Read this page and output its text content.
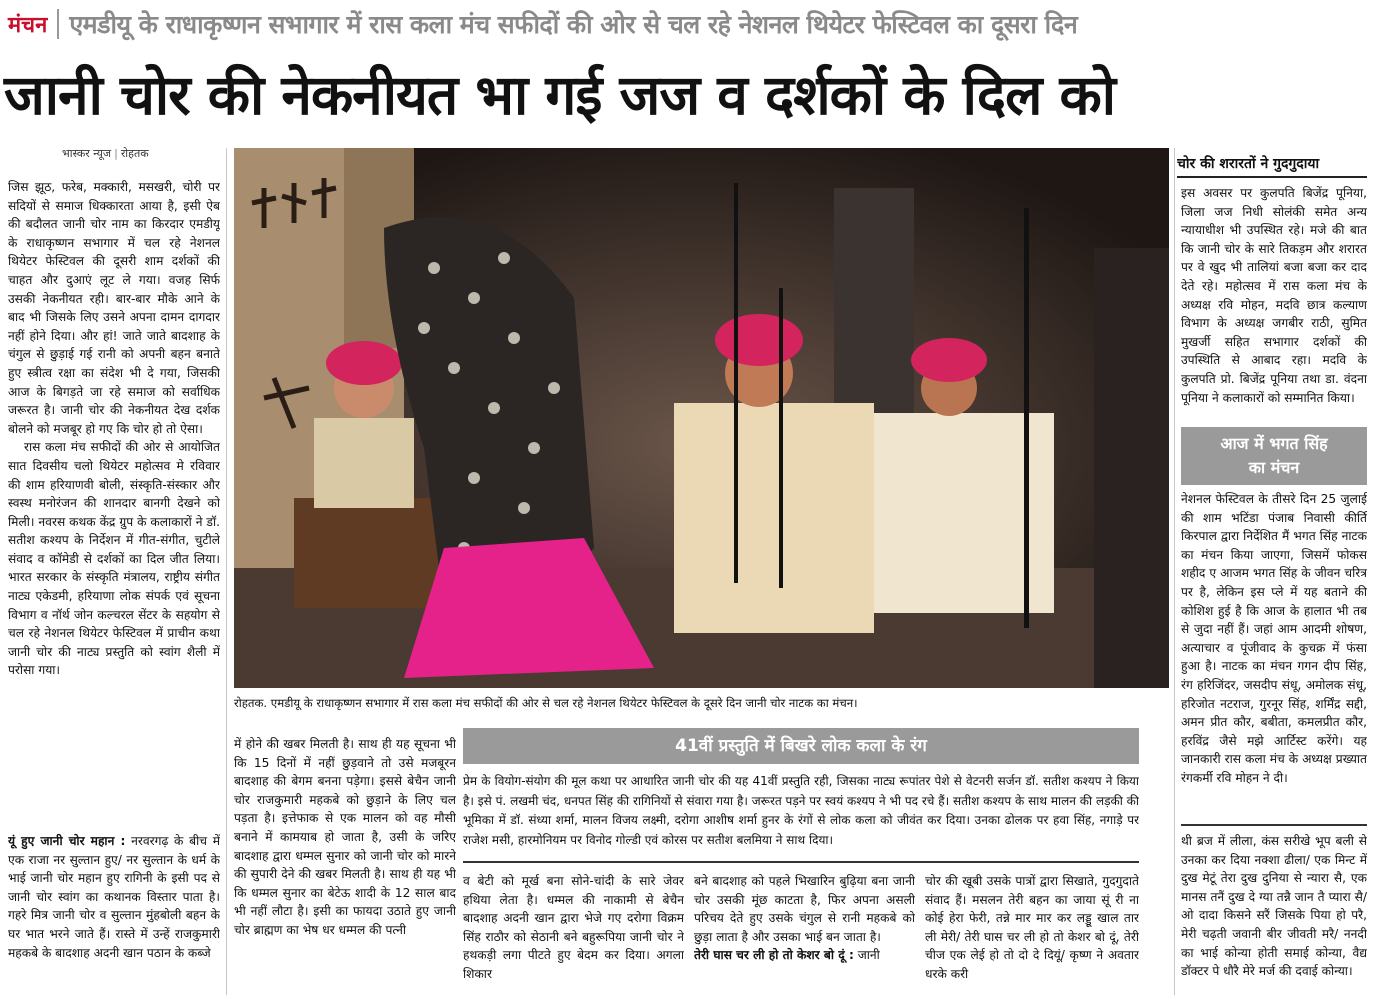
मंचन एमडीयू के राधाकृष्णन सभागार में रास कला मंच सफीदों की ओर से चल रहे नेशनल थियेटर फेस्टिवल का दूसरा दिन
जानी चोर की नेकनीयत भा गई जज व दर्शकों के दिल को
भास्कर न्यूज | रोहतक

जिस झूठ, फरेब, मक्कारी, मसखरी, चोरी पर सदियों से समाज धिक्कारता आया है, इसी ऐब की बदौलत जानी चोर नाम का किरदार एमडीयू के राधाकृष्णन सभागार में चल रहे नेशनल थियेटर फेस्टिवल की दूसरी शाम दर्शकों की चाहत और दुआएं लूट ले गया। वजह सिर्फ उसकी नेकनीयत रही। बार-बार मौके आने के बाद भी जिसके लिए उसने अपना दामन दागदार नहीं होने दिया। और हां! जाते जाते बादशाह के चंगुल से छुड़ाई गई रानी को अपनी बहन बनाते हुए स्त्रीत्व रक्षा का संदेश भी दे गया, जिसकी आज के बिगड़ते जा रहे समाज को सर्वाधिक जरूरत है। जानी चोर की नेकनीयत देख दर्शक बोलने को मजबूर हो गए कि चोर हो तो ऐसा।

रास कला मंच सफीदों की ओर से आयोजित सात दिवसीय चलो थियेटर महोत्सव मे रविवार की शाम हरियाणवी बोली, संस्कृति-संस्कार और स्वस्थ मनोरंजन की शानदार बानगी देखने को मिली। नवरस कथक केंद्र ग्रुप के कलाकारों ने डॉ. सतीश कश्यप के निर्देशन में गीत-संगीत, चुटीले संवाद व कॉमेडी से दर्शकों का दिल जीत लिया। भारत सरकार के संस्कृति मंत्रालय, राष्ट्रीय संगीत नाट्य एकेडमी, हरियाणा लोक संपर्क एवं सूचना विभाग व नॉर्थ जोन कल्चरल सेंटर के सहयोग से चल रहे नेशनल थियेटर फेस्टिवल में प्राचीन कथा जानी चोर की नाट्य प्रस्तुति को स्वांग शैली में परोसा गया।

यूं हुए जानी चोर महान : नरवरगढ़ के बीच में एक राजा नर सुल्तान हुए/ नर सुल्तान के धर्म के भाई जानी चोर महान हुए रागिनी के इसी पद से जानी चोर स्वांग का कथानक विस्तार पाता है। गहरे मित्र जानी चोर व सुल्तान मुंहबोली बहन के घर भात भरने जाते हैं। रास्ते में उन्हें राजकुमारी महकबे के बादशाह अदनी खान पठान के कब्जे

रोहतक. एमडीयू के राधाकृष्णन सभागार में रास कला मंच सफीदों की ओर से चल रहे नेशनल थियेटर फेस्टिवल के दूसरे दिन जानी चोर नाटक का मंचन।

में होने की खबर मिलती है। साथ ही यह सूचना भी कि 15 दिनों में नहीं छुड़वाने तो उसे मजबूरन बादशाह की बेगम बनना पड़ेगा। इससे बेचैन जानी चोर राजकुमारी महकबे को छुड़ाने के लिए चल पड़ता है। इत्तेफाक से एक मालन को वह मौसी बनाने में कामयाब हो जाता है, उसी के जरिए बादशाह द्वारा धम्मल सुनार को जानी चोर को मारने की सुपारी देने की खबर मिलती है। साथ ही यह भी कि धम्मल सुनार का बेटेऊ शादी के 12 साल बाद भी नहीं लौटा है। इसी का फायदा उठाते हुए जानी चोर ब्राह्मण का भेष धर धम्मल की पत्नी

41वीं प्रस्तुति में बिखरे लोक कला के रंग
प्रेम के वियोग-संयोग की मूल कथा पर आधारित जानी चोर की यह 41वीं प्रस्तुति रही, जिसका नाट्य रूपांतर पेशे से वेटनरी सर्जन डॉ. सतीश कश्यप ने किया है। इसे पं. लखमी चंद, धनपत सिंह की रागिनियों से संवारा गया है। जरूरत पड़ने पर स्वयं कश्यप ने भी पद रचे हैं। सतीश कश्यप के साथ मालन की लड़की की भूमिका में डॉ. संध्या शर्मा, मालन विजय लक्ष्मी, दरोगा आशीष शर्मा हुनर के रंगों से लोक कला को जीवंत कर दिया। उनका ढोलक पर हवा सिंह, नगाड़े पर राजेश मसी, हारमोनियम पर विनोद गोल्डी एवं कोरस पर सतीश बलमिया ने साथ दिया।

व बेटी को मूर्ख बना सोने-चांदी के सारे जेवर हथिया लेता है। धम्मल की नाकामी से बेचैन बादशाह अदनी खान द्वारा भेजे गए दरोगा विक्रम सिंह राठौर को सेठानी बने बहुरूपिया जानी चोर ने हथकड़ी लगा पीटते हुए बेदम कर दिया। अगला शिकार

बने बादशाह को पहले भिखारिन बुढ़िया बना जानी चोर उसकी मूंछ काटता है, फिर अपना असली परिचय देते हुए उसके चंगुल से रानी महकबे को छुड़ा लाता है और उसका भाई बन जाता है।

तेरी घास चर ली हो तो केशर बो दूं : जानी

चोर की खूबी उसके पात्रों द्वारा सिखाते, गुदगुदाते संवाद हैं। मसलन तेरी बहन का जाया सूं री ना कोई हेरा फेरी, तन्ने मार मार कर लड्डू खाल तार ली मेरी/ तेरी घास चर ली हो तो केशर बो दूं, तेरी चीज एक लेई हो तो दो दे दियूं/ कृष्ण ने अवतार धरके करी

चोर की शरारतों ने गुदगुदाया

इस अवसर पर कुलपति बिजेंद्र पूनिया, जिला जज निधी सोलंकी समेत अन्य न्यायाधीश भी उपस्थित रहे। मजे की बात कि जानी चोर के सारे तिकड़म और शरारत पर वे खुद भी तालियां बजा बजा कर दाद देते रहे। महोत्सव में रास कला मंच के अध्यक्ष रवि मोहन, मदवि छात्र कल्याण विभाग के अध्यक्ष जगबीर राठी, सुमित मुखर्जी सहित सभागार दर्शकों की उपस्थिति से आबाद रहा। मदवि के कुलपति प्रो. बिजेंद्र पूनिया तथा डा. वंदना पूनिया ने कलाकारों को सम्मानित किया।

आज में भगत सिंह
का मंचन

नेशनल फेस्टिवल के तीसरे दिन 25 जुलाई की शाम भटिंडा पंजाब निवासी कीर्ति किरपाल द्वारा निर्देशित मैं भगत सिंह नाटक का मंचन किया जाएगा, जिसमें फोकस शहीद ए आजम भगत सिंह के जीवन चरित्र पर है, लेकिन इस प्ले में यह बताने की कोशिश हुई है कि आज के हालात भी तब से जुदा नहीं हैं। जहां आम आदमी शोषण, अत्याचार व पूंजीवाद के कुचक्र में फंसा हुआ है। नाटक का मंचन गगन दीप सिंह, रंग हरिजिंदर, जसदीप संधू, अमोलक संधू, हरिजोत नटराज, गुरनूर सिंह, शर्मिंद्र सद्दी, अमन प्रीत कौर, बबीता, कमलप्रीत कौर, हरविंद्र जैसे मझे आर्टिस्ट करेंगे। यह जानकारी रास कला मंच के अध्यक्ष प्रख्यात रंगकर्मी रवि मोहन ने दी।

थी ब्रज में लीला, कंस सरीखे भूप बली से उनका कर दिया नक्शा ढीला/ एक मिन्ट में दुख मेटूं तेरा दुख दुनिया से न्यारा सै, एक मानस तनैं दुख दे ग्या तन्नै जान तै प्यारा सै/ ओ दादा किसने सरैं जिसके पिया हो परै, मेरी चढ़ती जवानी बीर जीवती मरै/ ननदी का भाई कोन्या होती समाई कोन्या, वैद्य डॉक्टर पे धौरै मेरे मर्ज की दवाई कोन्या।
